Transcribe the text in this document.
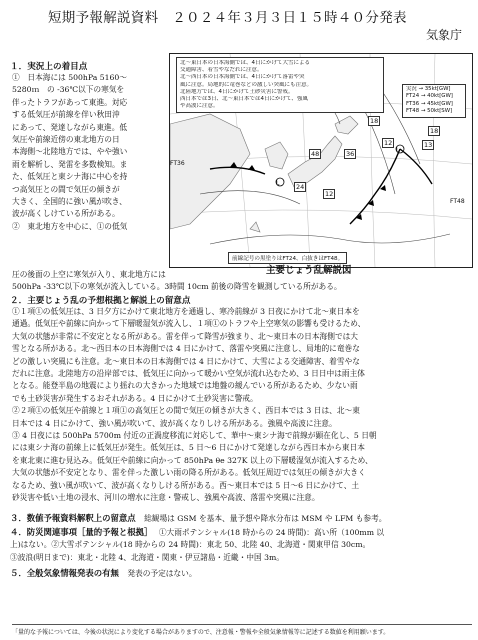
短期予報解説資料　２０２４年３月３日１５時４０分発表
気象庁
１．実況上の着目点
①　日本海には 500hPa 5160〜
5280ｍ　の -36℃以下の寒気を
伴ったトラフがあって東進。対応
する低気圧が前線を伴い秋田沖
にあって、発達しながら東進。低
気圧や前線近傍の東北地方の日
本海側〜北陸地方では、やや強い
雨を解析し、発雷を多数検知。ま
た、低気圧と東シナ海に中心を持
つ高気圧との間で気圧の傾きが
大きく、全国的に強い風が吹き、
波が高くしけている所がある。
②　東北地方を中心に、①の低気
圧の後面の上空に寒気が入り、東北地方には
500hPa -33℃以下の寒気が流入している。3時間 10cm 前後の降雪を観測している所がある。
L
L
北〜東日本の日本海側では、4日にかけて大雪による
交通障害、着雪やなだれに注意。
北〜西日本の日本海側では、4日にかけて落雷や突
風に注意。局地的に竜巻などの激しい突風にも注意。
北陸地方では、4日にかけて土砂災害に警戒。
西日本では3日、北〜東日本では4日にかけて、強風
や高波に注意。
実況 → 35kt[GW]
FT24 → 40kt[GW]
FT36 → 45kt[GW]
FT48 → 50kt[SW]
18
18
12	13
48	36
24
12
FT36
FT48
前線記号の黒塗りはFT24、白抜きはFT48。
主要じょう乱解説図
２．主要じょう乱の予想根拠と解説上の留意点
①１項①の低気圧は、3 日夕方にかけて東北地方を通過し、寒冷前線が 3 日夜にかけて北〜東日本を
通過。低気圧や前線に向かって下層暖湿気が流入し、１項①のトラフや上空寒気の影響も受けるため、
大気の状態が非常に不安定となる所がある。雷を伴って降雪が強まり、北〜東日本の日本海側では大
雪となる所がある。北〜西日本の日本海側では 4 日にかけて、落雷や突風に注意し、局地的に竜巻な
どの激しい突風にも注意。北〜東日本の日本海側では 4 日にかけて、大雪による交通障害、着雪やな
だれに注意。北陸地方の沿岸部では、低気圧に向かって暖かい空気が流れ込むため、3 日日中は雨主体
となる。能登半島の地震により揺れの大きかった地域では地盤の緩んでいる所があるため、少ない雨
でも土砂災害が発生するおそれがある。4 日にかけて土砂災害に警戒。
②２項①の低気圧や前線と１項①の高気圧との間で気圧の傾きが大きく、西日本では 3 日は、北〜東
日本では 4 日にかけて、強い風が吹いて、波が高くなりしける所がある。強風や高波に注意。
③ 4 日夜には 500hPa 5700m 付近の正渦度移流に対応して、華中〜東シナ海で前線が顕在化し、5 日朝
には東シナ海の前線上に低気圧が発生。低気圧は、5 日〜6 日にかけて発達しながら西日本から東日本
を東北東に進む見込み。低気圧や前線に向かって 850hPa θe 327K 以上の下層暖湿気が流入するため、
大気の状態が不安定となり、雷を伴った激しい雨の降る所がある。低気圧周辺では気圧の傾きが大きく
なるため、強い風が吹いて、波が高くなりしける所がある。西〜東日本では 5 日〜6 日にかけて、土
砂災害や低い土地の浸水、河川の増水に注意・警戒し、強風や高波、落雷や突風に注意。
３．数値予報資料解釈上の留意点 総観場は GSM を基本、量予想や降水分布は MSM や LFM も参考。
４．防災関連事項［量的予報と根拠］ ①大雨ポテンシャル(18 時からの 24 時間)：高い所（100mm 以
上)はない。②大雪ポテンシャル(18 時からの 24 時間)：東北 50、北陸 40、北海道・関東甲信 30cm。
③波浪(明日まで)：東北・北陸 4、北海道・関東・伊豆諸島・近畿・中国 3m。
５．全般気象情報発表の有無 発表の予定はない。
「量的な予報については、今後の状況により変化する場合がありますので、注意報・警報や全般気象情報等に記述する数値を利用願います。
